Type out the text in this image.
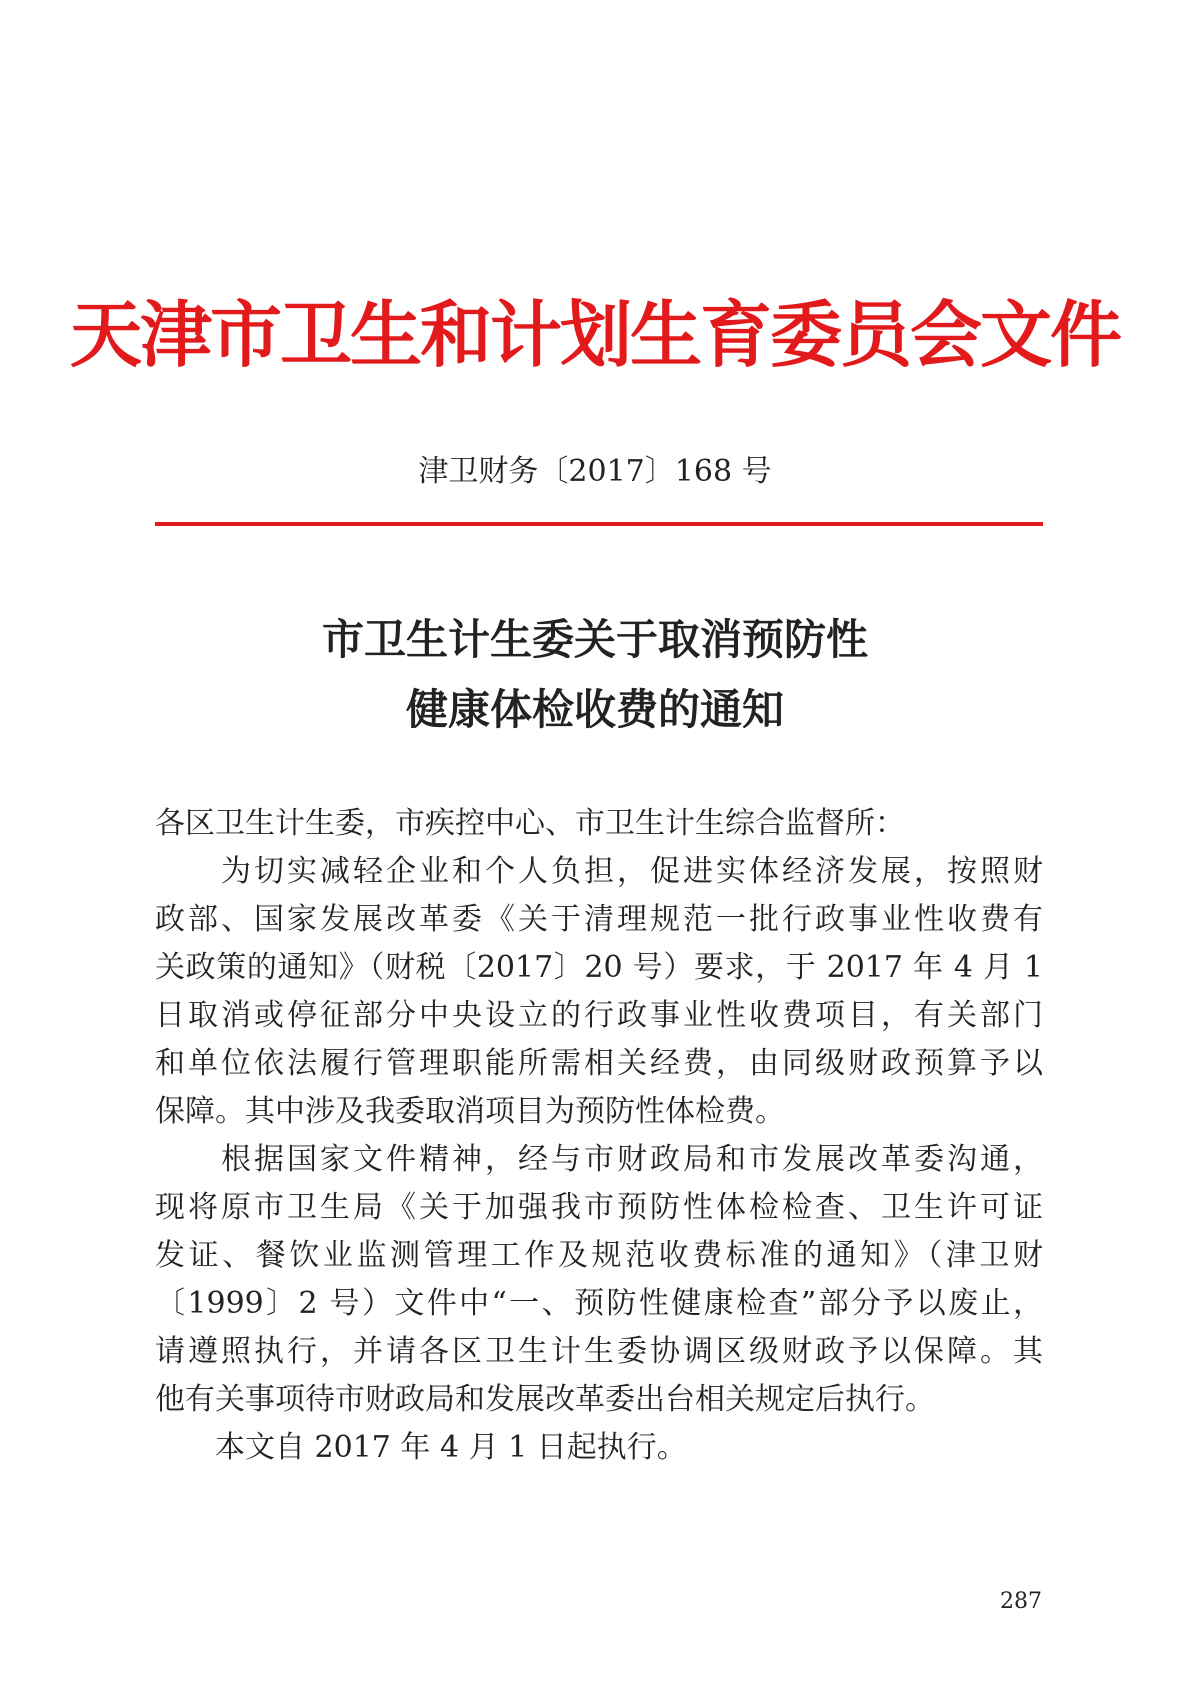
天津市卫生和计划生育委员会文件
津卫财务〔2017〕168 号
市卫生计生委关于取消预防性
健康体检收费的通知
各区卫生计生委，市疾控中心、市卫生计生综合监督所：
　　为切实减轻企业和个人负担，促进实体经济发展，按照财
政部、国家发展改革委《关于清理规范一批行政事业性收费有
关政策的通知》（财税〔2017〕20 号）要求，于 2017 年 4 月 1
日取消或停征部分中央设立的行政事业性收费项目，有关部门
和单位依法履行管理职能所需相关经费，由同级财政预算予以
保障。其中涉及我委取消项目为预防性体检费。
　　根据国家文件精神，经与市财政局和市发展改革委沟通，
现将原市卫生局《关于加强我市预防性体检检查、卫生许可证
发证、餐饮业监测管理工作及规范收费标准的通知》（津卫财
〔1999〕2 号）文件中“一、预防性健康检查”部分予以废止，
请遵照执行，并请各区卫生计生委协调区级财政予以保障。其
他有关事项待市财政局和发展改革委出台相关规定后执行。
　　本文自 2017 年 4 月 1 日起执行。
287
